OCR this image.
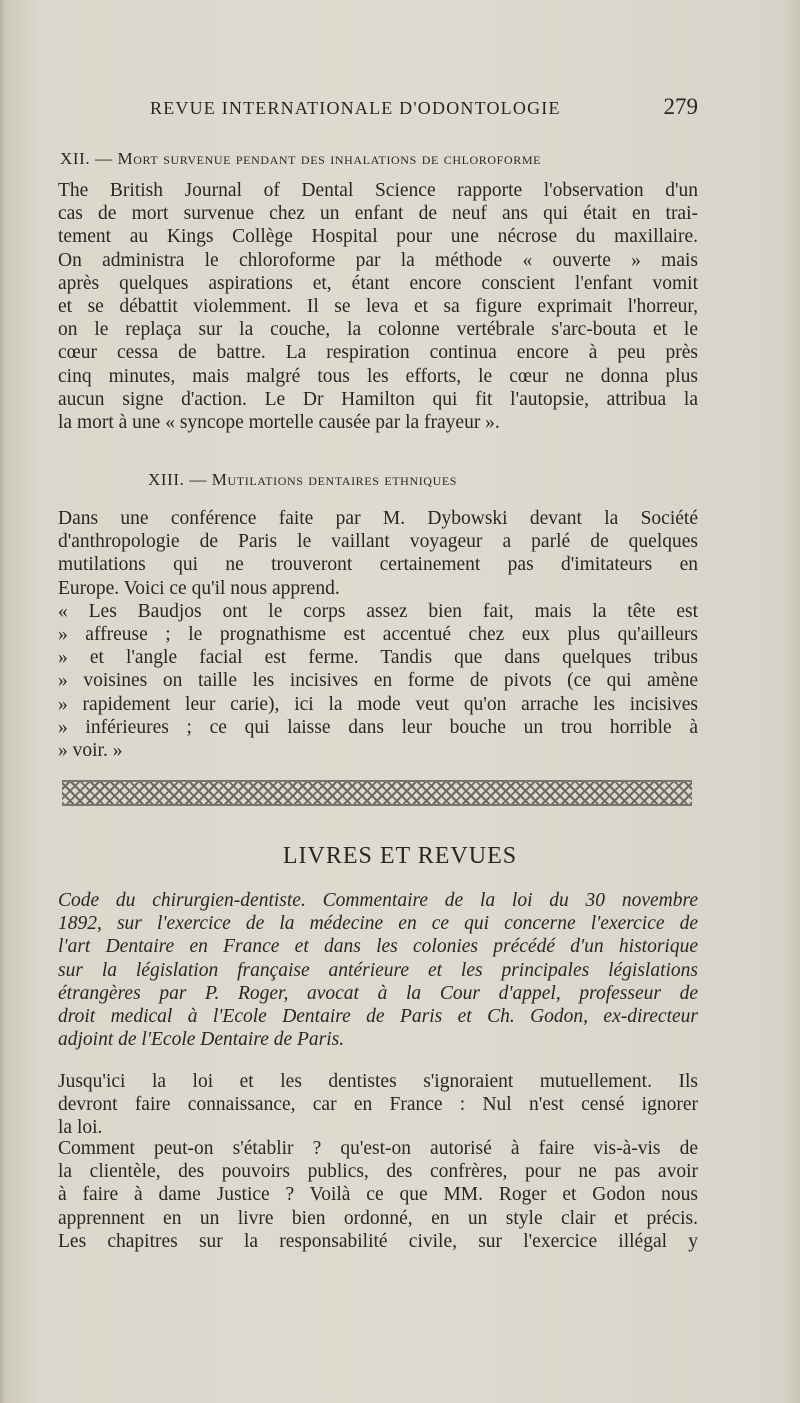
REVUE INTERNATIONALE D'ODONTOLOGIE	279
XII. — Mort survenue pendant des inhalations de chloroforme
The British Journal of Dental Science rapporte l'observation d'un
cas de mort survenue chez un enfant de neuf ans qui était en trai-
tement au Kings Collège Hospital pour une nécrose du maxillaire.
On administra le chloroforme par la méthode « ouverte » mais
après quelques aspirations et, étant encore conscient l'enfant vomit
et se débattit violemment. Il se leva et sa figure exprimait l'horreur,
on le replaça sur la couche, la colonne vertébrale s'arc-bouta et le
cœur cessa de battre. La respiration continua encore à peu près
cinq minutes, mais malgré tous les efforts, le cœur ne donna plus
aucun signe d'action. Le Dr Hamilton qui fit l'autopsie, attribua la
la mort à une « syncope mortelle causée par la frayeur ».
XIII. — Mutilations dentaires ethniques
Dans une conférence faite par M. Dybowski devant la Société
d'anthropologie de Paris le vaillant voyageur a parlé de quelques
mutilations qui ne trouveront certainement pas d'imitateurs en
Europe. Voici ce qu'il nous apprend.
« Les Baudjos ont le corps assez bien fait, mais la tête est
» affreuse ; le prognathisme est accentué chez eux plus qu'ailleurs
» et l'angle facial est ferme. Tandis que dans quelques tribus
» voisines on taille les incisives en forme de pivots (ce qui amène
» rapidement leur carie), ici la mode veut qu'on arrache les incisives
» inférieures ; ce qui laisse dans leur bouche un trou horrible à
» voir. »
LIVRES ET REVUES
Code du chirurgien-dentiste. Commentaire de la loi du 30 novembre
1892, sur l'exercice de la médecine en ce qui concerne l'exercice de
l'art Dentaire en France et dans les colonies précédé d'un historique
sur la législation française antérieure et les principales législations
étrangères par P. Roger, avocat à la Cour d'appel, professeur de
droit medical à l'Ecole Dentaire de Paris et Ch. Godon, ex-directeur
adjoint de l'Ecole Dentaire de Paris.
Jusqu'ici la loi et les dentistes s'ignoraient mutuellement. Ils
devront faire connaissance, car en France : Nul n'est censé ignorer
la loi.
Comment peut-on s'établir ? qu'est-on autorisé à faire vis-à-vis de
la clientèle, des pouvoirs publics, des confrères, pour ne pas avoir
à faire à dame Justice ? Voilà ce que MM. Roger et Godon nous
apprennent en un livre bien ordonné, en un style clair et précis.
Les chapitres sur la responsabilité civile, sur l'exercice illégal y
